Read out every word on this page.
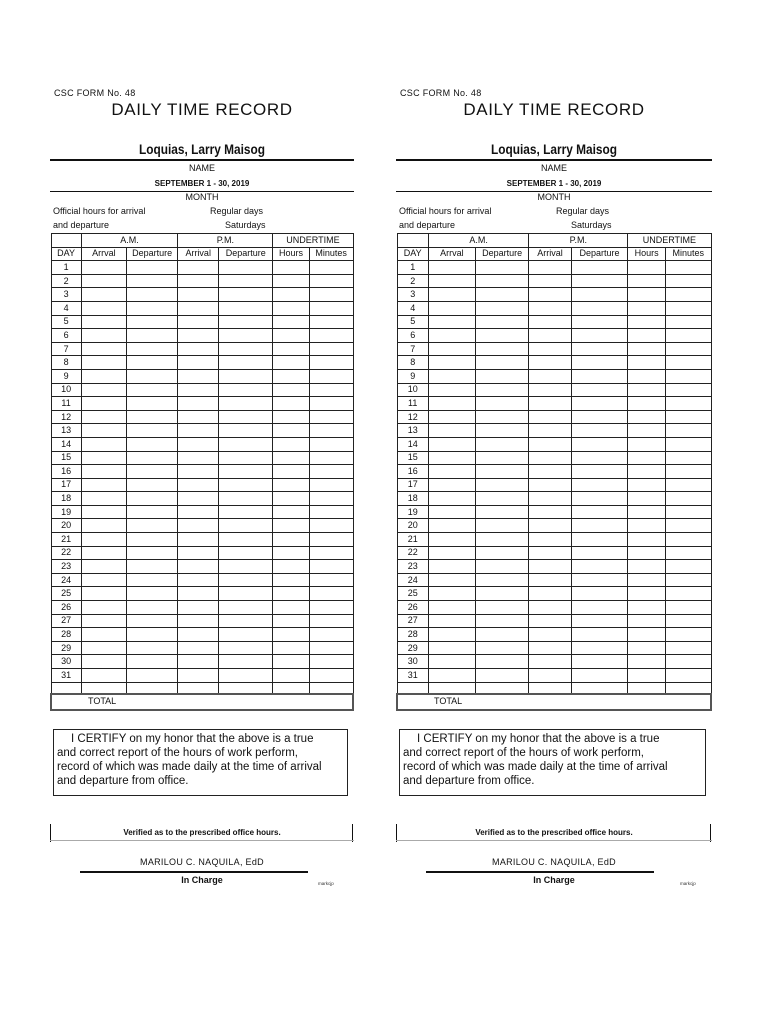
CSC FORM No. 48
DAILY TIME RECORD
Loquias, Larry Maisog
NAME
SEPTEMBER 1 - 30, 2019
MONTH
Official hours for arrival
and departure
Regular days
Saturdays
	A.M.		P.M.		UNDERTIME	
DAY	Arrval	Departure	Arrival	Departure	Hours	Minutes
1						
2						
3						
4						
5						
6						
7						
8						
9						
10						
11						
12						
13						
14						
15						
16						
17						
18						
19						
20						
21						
22						
23						
24						
25						
26						
27						
28						
29						
30						
31						

TOTAL						
I CERTIFY on my honor that the above is a true
and correct report of the hours of work perform,
record of which was made daily at the time of arrival
and departure from office.
Verified as to the prescribed office hours.
MARILOU C. NAQUILA, EdD
In Charge	markcjp
CSC FORM No. 48
DAILY TIME RECORD
Loquias, Larry Maisog
NAME
SEPTEMBER 1 - 30, 2019
MONTH
Official hours for arrival
and departure
Regular days
Saturdays
	A.M.		P.M.		UNDERTIME	
DAY	Arrval	Departure	Arrival	Departure	Hours	Minutes
1						
2						
3						
4						
5						
6						
7						
8						
9						
10						
11						
12						
13						
14						
15						
16						
17						
18						
19						
20						
21						
22						
23						
24						
25						
26						
27						
28						
29						
30						
31						

TOTAL						
I CERTIFY on my honor that the above is a true
and correct report of the hours of work perform,
record of which was made daily at the time of arrival
and departure from office.
Verified as to the prescribed office hours.
MARILOU C. NAQUILA, EdD
In Charge	markcjp
